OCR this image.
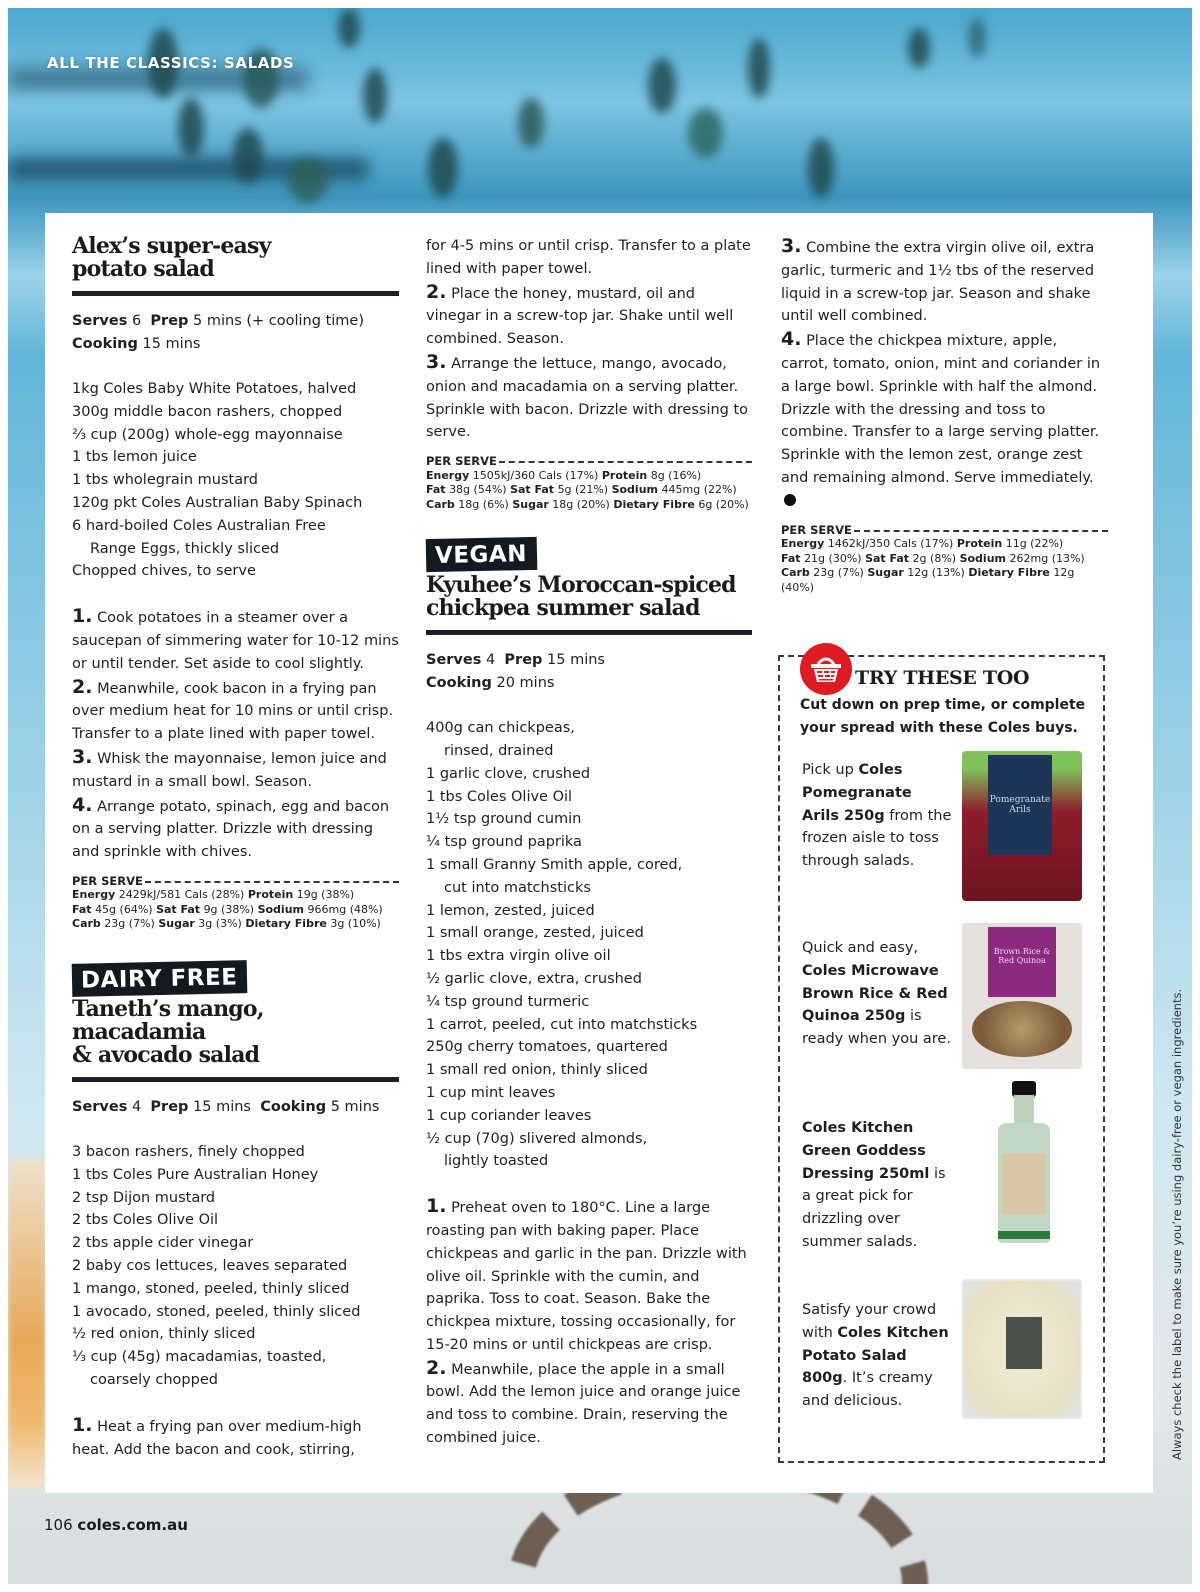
ALL THE CLASSICS: SALADS
Alex’s super-easy
potato salad
Serves 6 Prep 5 mins (+ cooling time)
Cooking 15 mins
1kg Coles Baby White Potatoes, halved
300g middle bacon rashers, chopped
⅔ cup (200g) whole-egg mayonnaise
1 tbs lemon juice
1 tbs wholegrain mustard
120g pkt Coles Australian Baby Spinach
6 hard-boiled Coles Australian Free
Range Eggs, thickly sliced
Chopped chives, to serve
1. Cook potatoes in a steamer over a saucepan of simmering water for 10-12 mins or until tender. Set aside to cool slightly.
2. Meanwhile, cook bacon in a frying pan over medium heat for 10 mins or until crisp. Transfer to a plate lined with paper towel.
3. Whisk the mayonnaise, lemon juice and mustard in a small bowl. Season.
4. Arrange potato, spinach, egg and bacon on a serving platter. Drizzle with dressing and sprinkle with chives.
PER SERVE
Energy 2429kJ/581 Cals (28%) Protein 19g (38%)
Fat 45g (64%) Sat Fat 9g (38%) Sodium 966mg (48%)
Carb 23g (7%) Sugar 3g (3%) Dietary Fibre 3g (10%)
DAIRY FREE
Taneth’s mango, macadamia
& avocado salad
Serves 4 Prep 15 mins Cooking 5 mins
3 bacon rashers, finely chopped
1 tbs Coles Pure Australian Honey
2 tsp Dijon mustard
2 tbs Coles Olive Oil
2 tbs apple cider vinegar
2 baby cos lettuces, leaves separated
1 mango, stoned, peeled, thinly sliced
1 avocado, stoned, peeled, thinly sliced
½ red onion, thinly sliced
⅓ cup (45g) macadamias, toasted,
coarsely chopped
1. Heat a frying pan over medium-high heat. Add the bacon and cook, stirring,
for 4-5 mins or until crisp. Transfer to a plate lined with paper towel.
2. Place the honey, mustard, oil and vinegar in a screw-top jar. Shake until well combined. Season.
3. Arrange the lettuce, mango, avocado, onion and macadamia on a serving platter. Sprinkle with bacon. Drizzle with dressing to serve.
PER SERVE
Energy 1505kJ/360 Cals (17%) Protein 8g (16%)
Fat 38g (54%) Sat Fat 5g (21%) Sodium 445mg (22%)
Carb 18g (6%) Sugar 18g (20%) Dietary Fibre 6g (20%)
VEGAN
Kyuhee’s Moroccan-spiced
chickpea summer salad
Serves 4 Prep 15 mins
Cooking 20 mins
400g can chickpeas,
rinsed, drained
1 garlic clove, crushed
1 tbs Coles Olive Oil
1½ tsp ground cumin
¼ tsp ground paprika
1 small Granny Smith apple, cored,
cut into matchsticks
1 lemon, zested, juiced
1 small orange, zested, juiced
1 tbs extra virgin olive oil
½ garlic clove, extra, crushed
¼ tsp ground turmeric
1 carrot, peeled, cut into matchsticks
250g cherry tomatoes, quartered
1 small red onion, thinly sliced
1 cup mint leaves
1 cup coriander leaves
½ cup (70g) slivered almonds,
lightly toasted
1. Preheat oven to 180°C. Line a large roasting pan with baking paper. Place chickpeas and garlic in the pan. Drizzle with olive oil. Sprinkle with the cumin, and paprika. Toss to coat. Season. Bake the chickpea mixture, tossing occasionally, for 15-20 mins or until chickpeas are crisp.
2. Meanwhile, place the apple in a small bowl. Add the lemon juice and orange juice and toss to combine. Drain, reserving the combined juice.
3. Combine the extra virgin olive oil, extra garlic, turmeric and 1½ tbs of the reserved liquid in a screw-top jar. Season and shake until well combined.
4. Place the chickpea mixture, apple, carrot, tomato, onion, mint and coriander in a large bowl. Sprinkle with half the almond. Drizzle with the dressing and toss to combine. Transfer to a large serving platter. Sprinkle with the lemon zest, orange zest and remaining almond. Serve immediately.
PER SERVE
Energy 1462kJ/350 Cals (17%) Protein 11g (22%)
Fat 21g (30%) Sat Fat 2g (8%) Sodium 262mg (13%)
Carb 23g (7%) Sugar 12g (13%) Dietary Fibre 12g (40%)
TRY THESE TOO
Cut down on prep time, or complete your spread with these Coles buys.
Pick up Coles Pomegranate Arils 250g from the frozen aisle to toss through salads.
Pomegranate Arils
Quick and easy, Coles Microwave Brown Rice & Red Quinoa 250g is ready when you are.
Brown Rice & Red Quinoa
Coles Kitchen Green Goddess Dressing 250ml is a great pick for drizzling over summer salads.
Satisfy your crowd with Coles Kitchen Potato Salad 800g. It’s creamy and delicious.	Always check the label to make sure you’re using dairy-free or vegan ingredients.
106 coles.com.au
